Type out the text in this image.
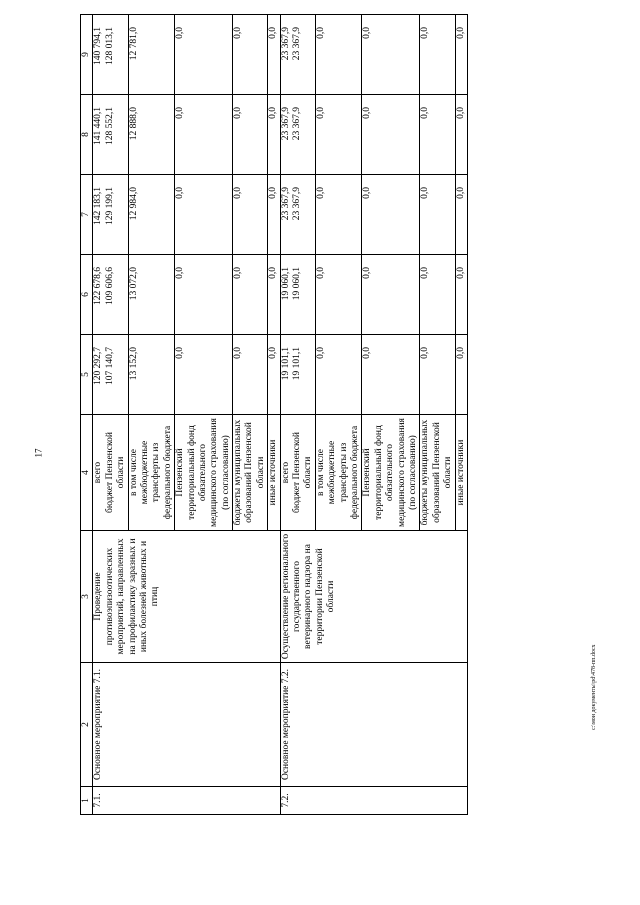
17
c:\мои документы\pd\478-пп.docx
1	2	3	4	5	6	7	8	9
7.1.	Основное мероприятие 7.1.	Проведение противоэпизоотических мероприятий, направленных на профилактику заразных и иных болезней животных и птиц	всего	120 292,7	122 678,6	142 183,1	141 440,1	140 794,1
			бюджет Пензенской области	107 140,7	109 606,6	129 199,1	128 552,1	128 013,1
			в том числе межбюджетные трансферты из федерального бюджета	13 152,0	13 072,0	12 984,0	12 888,0	12 781,0
			Пензенский территориальный фонд обязательного медицинского страхования (по согласованию)	0,0	0,0	0,0	0,0	0,0
			бюджеты муниципальных образований Пензенской области	0,0	0,0	0,0	0,0	0,0
			иные источники	0,0	0,0	0,0	0,0	0,0
7.2.	Основное мероприятие 7.2.	Осуществление регионального государственного ветеринарного надзора на территории Пензенской области	всего	19 101,1	19 060,1	23 367,9	23 367,9	23 367,9
			бюджет Пензенской области	19 101,1	19 060,1	23 367,9	23 367,9	23 367,9
			в том числе межбюджетные трансферты из федерального бюджета	0,0	0,0	0,0	0,0	0,0
			Пензенский территориальный фонд обязательного медицинского страхования (по согласованию)	0,0	0,0	0,0	0,0	0,0
			бюджеты муниципальных образований Пензенской области	0,0	0,0	0,0	0,0	0,0
			иные источники	0,0	0,0	0,0	0,0	0,0
